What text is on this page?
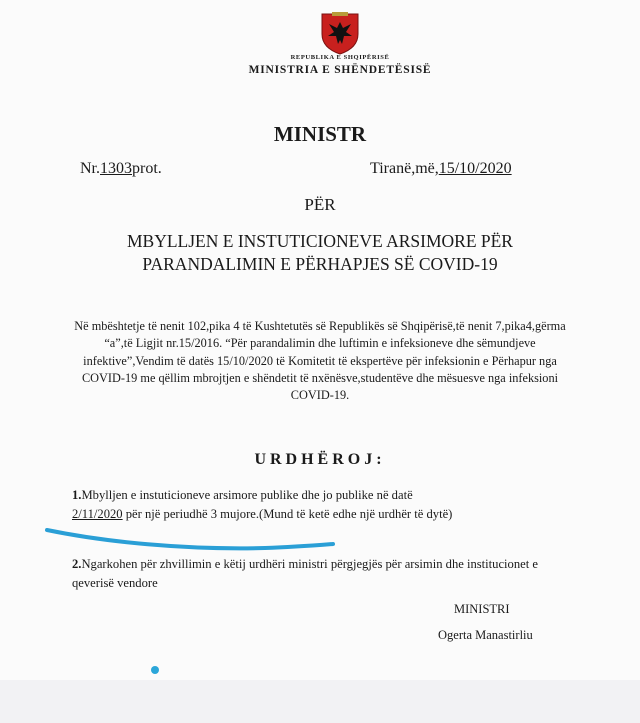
REPUBLIKA E SHQIPËRISË
MINISTRIA E SHËNDETËSISË
MINISTR
Nr.1303prot.	Tiranë,më,15/10/2020
PËR
MBYLLJEN E INSTUTICIONEVE ARSIMORE PËR
PARANDALIMIN E PËRHAPJES SË COVID-19
Në mbështetje të nenit 102,pika 4 të Kushtetutës së Republikës së Shqipërisë,të nenit 7,pika4,gërma “a”,të Ligjit nr.15/2016. “Për parandalimin dhe luftimin e infeksioneve dhe sëmundjeve infektive”,Vendim të datës 15/10/2020 të Komitetit të ekspertëve për infeksionin e Përhapur nga COVID-19 me qëllim mbrojtjen e shëndetit të nxënësve,studentëve dhe mësuesve nga infeksioni COVID-19.
URDHËROJ:
1.Mbylljen e instuticioneve arsimore publike dhe jo publike në datë
2/11/2020 për një periudhë 3 mujore.(Mund të ketë edhe një urdhër të dytë)
2.Ngarkohen për zhvillimin e këtij urdhëri ministri përgjegjës për arsimin dhe institucionet e qeverisë vendore
MINISTRI
Ogerta Manastirliu
